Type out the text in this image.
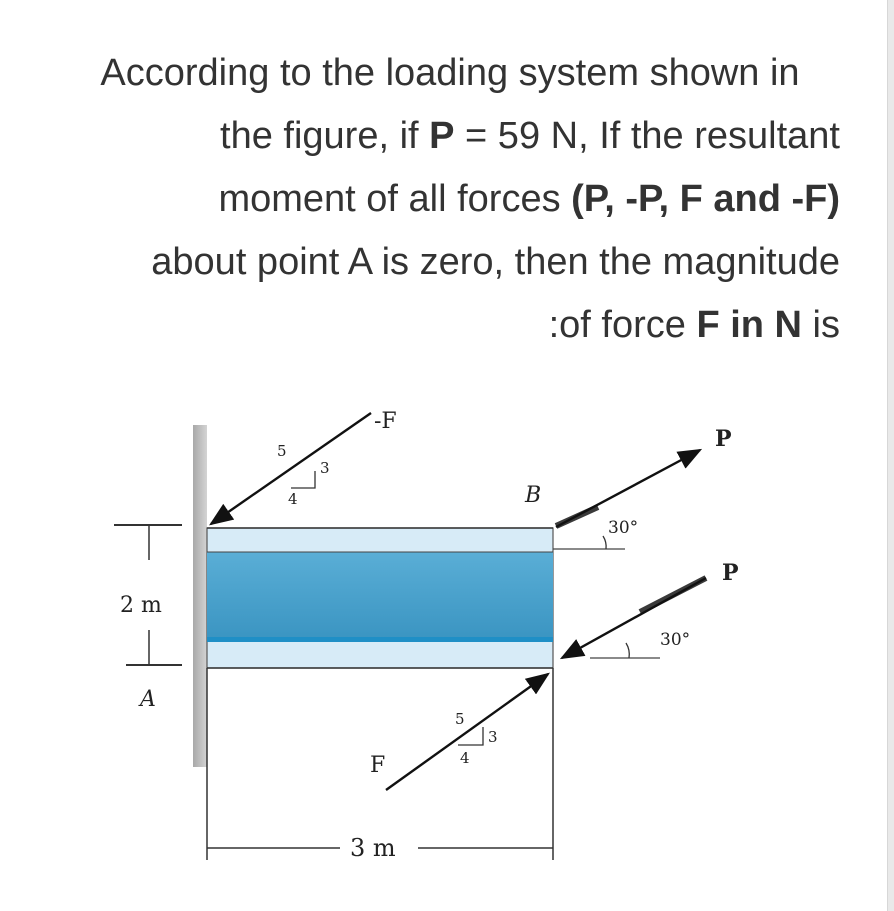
According to the loading system shown in
the figure, if P = 59 N, If the resultant
moment of all forces (P, -P, F and -F)
about point A is zero, then the magnitude
:of force F in N is
-F
5
3
4
F
5
3
4
P
30°
P
30°
B
2 m
A
3 m
